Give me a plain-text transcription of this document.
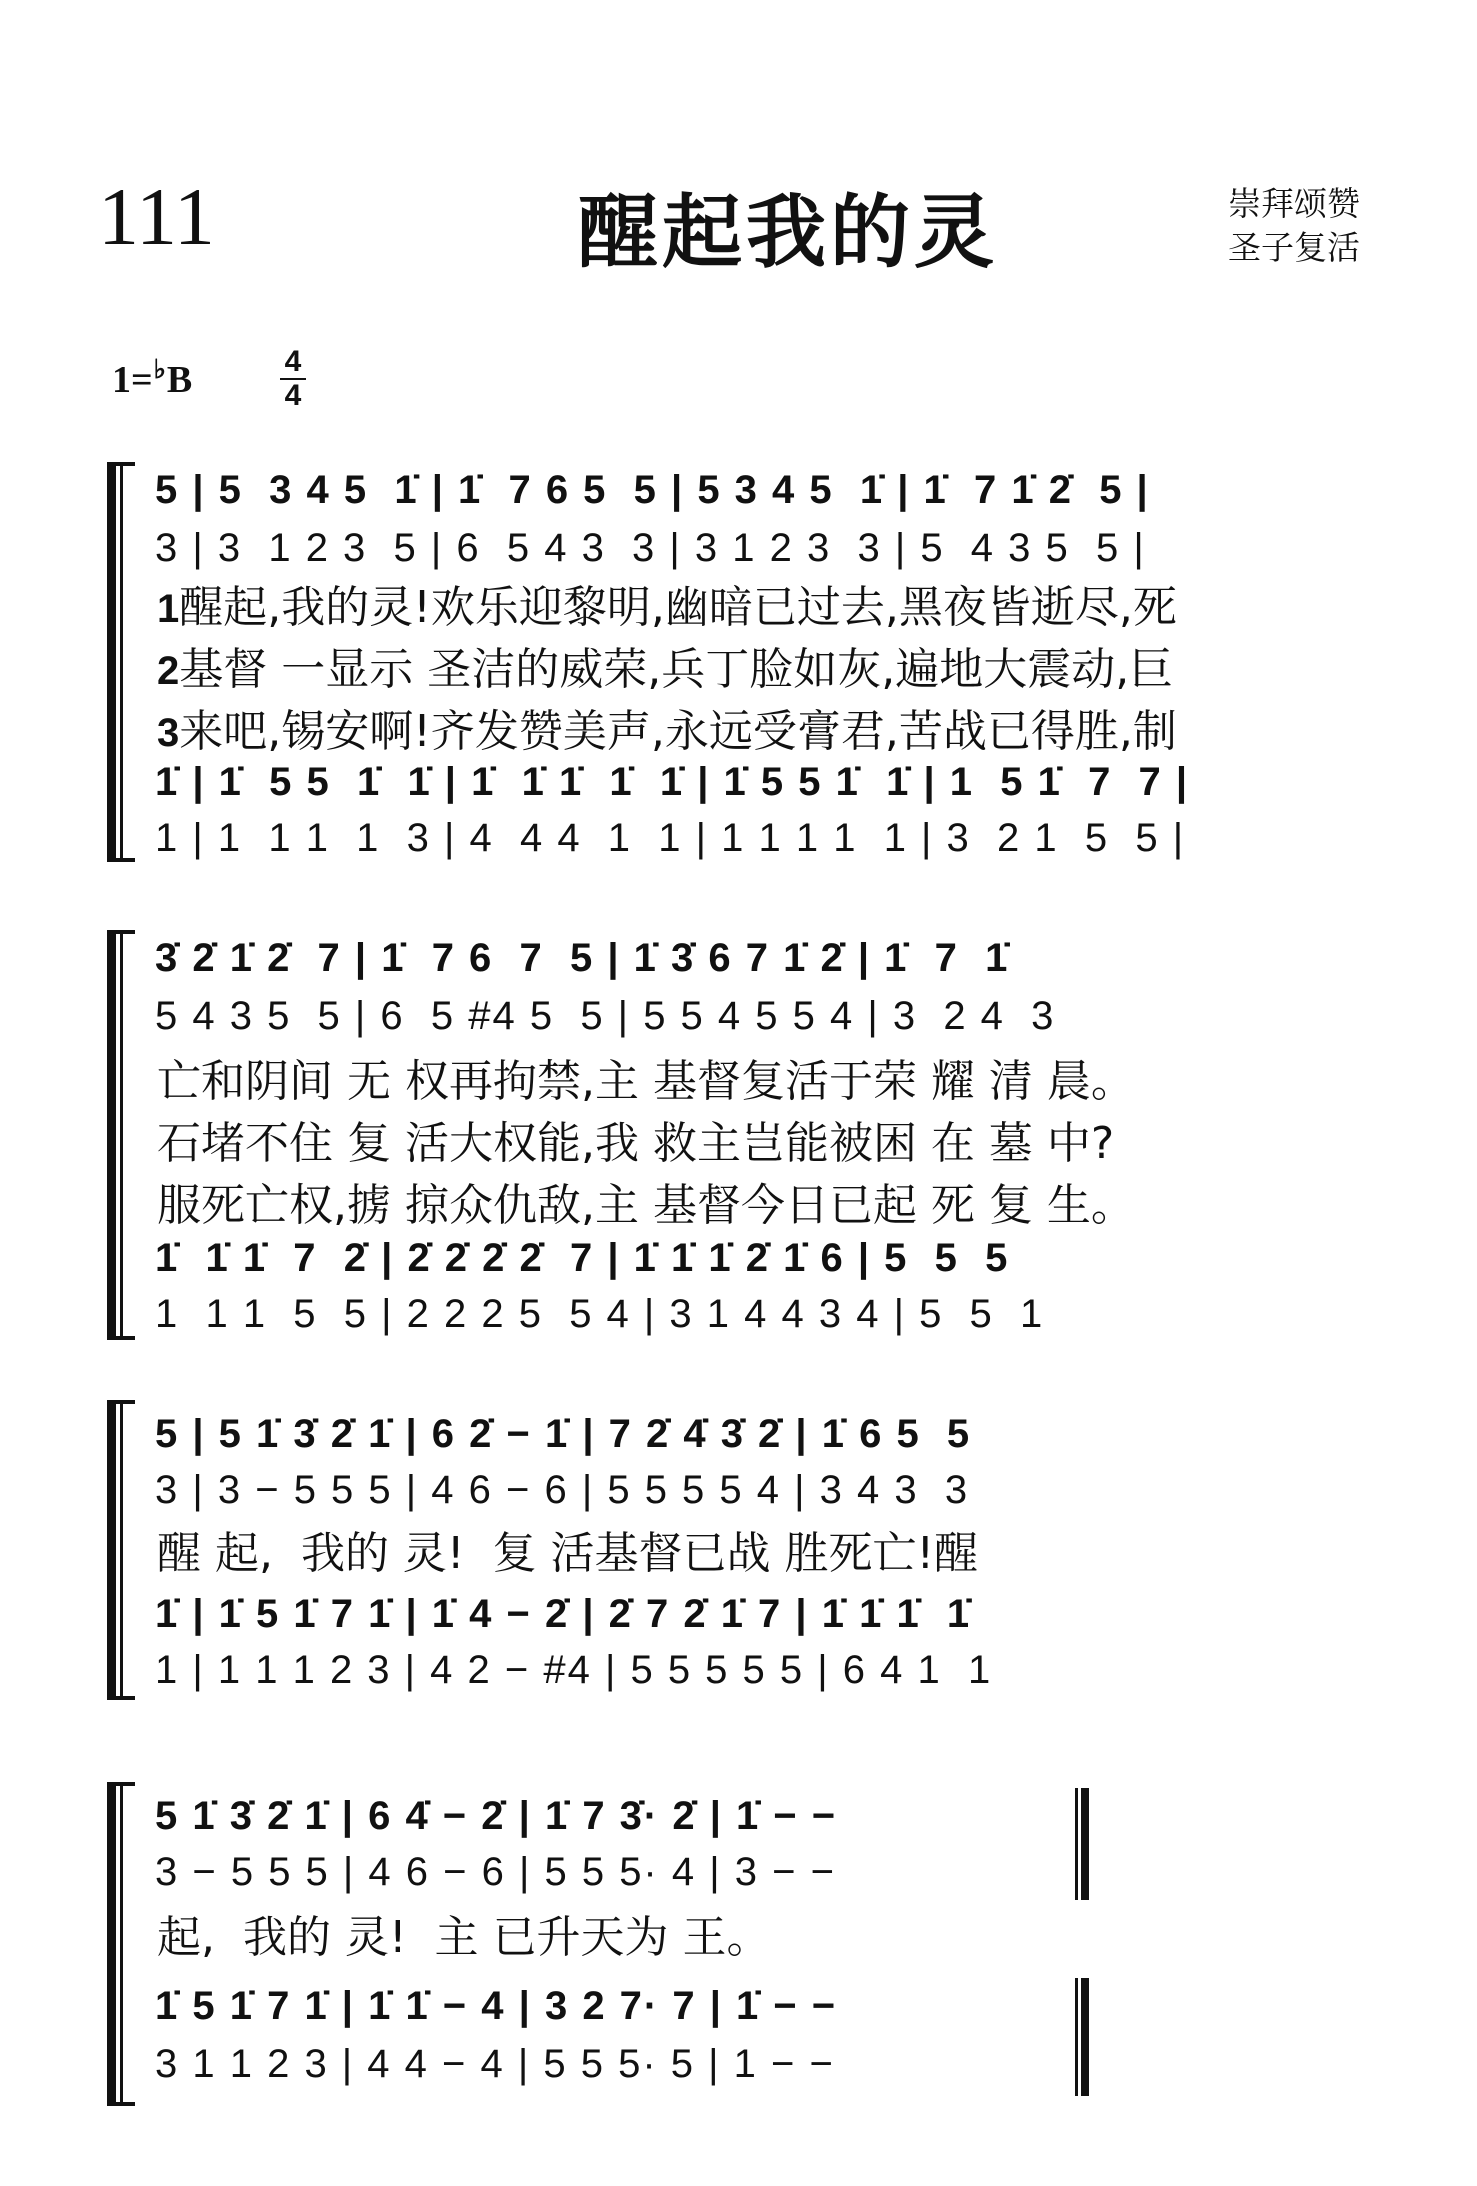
111	醒起我的灵	崇拜颂赞
圣子复活
1=♭B	4
4
5 | 5  3 4 5  1̇ | 1̇  7 6 5  5 | 5 3 4 5  1̇ | 1̇  7 1̇ 2̇  5 |
3 | 3  1 2 3  5 | 6  5 4 3  3 | 3 1 2 3  3 | 5  4 3 5  5 |
1醒起,我的灵!欢乐迎黎明,幽暗已过去,黑夜皆逝尽,死
2基督 一显示 圣洁的威荣,兵丁脸如灰,遍地大震动,巨
3来吧,锡安啊!齐发赞美声,永远受膏君,苦战已得胜,制
1̇ | 1̇  5 5  1̇  1̇ | 1̇  1̇ 1̇  1̇  1̇ | 1̇ 5 5 1̇  1̇ | 1  5 1̇  7  7 |
1 | 1  1 1  1  3 | 4  4 4  1  1 | 1 1 1 1  1 | 3  2 1  5  5 |
3̇ 2̇ 1̇ 2̇  7 | 1̇  7 6  7  5 | 1̇ 3̇ 6 7 1̇ 2̇ | 1̇  7  1̇
5 4 3 5  5 | 6  5 #4 5  5 | 5 5 4 5 5 4 | 3  2 4  3
亡和阴间 无 权再拘禁,主 基督复活于荣 耀 清 晨。
石堵不住 复 活大权能,我 救主岂能被困 在 墓 中?
服死亡权,掳 掠众仇敌,主 基督今日已起 死 复 生。
1̇  1̇ 1̇  7  2̇ | 2̇ 2̇ 2̇ 2̇  7 | 1̇ 1̇ 1̇ 2̇ 1̇ 6 | 5  5  5
1  1 1  5  5 | 2 2 2 5  5 4 | 3 1 4 4 3 4 | 5  5  1
5 | 5 1̇ 3̇ 2̇ 1̇ | 6 2̇ − 1̇ | 7 2̇ 4̇ 3̇ 2̇ | 1̇ 6 5  5
3 | 3 − 5 5 5 | 4 6 − 6 | 5 5 5 5 4 | 3 4 3  3
醒 起,  我的 灵!  复 活基督已战 胜死亡!醒
1̇ | 1̇ 5 1̇ 7 1̇ | 1̇ 4 − 2̇ | 2̇ 7 2̇ 1̇ 7 | 1̇ 1̇ 1̇  1̇
1 | 1 1 1 2 3 | 4 2 − #4 | 5 5 5 5 5 | 6 4 1  1
5 1̇ 3̇ 2̇ 1̇ | 6 4̇ − 2̇ | 1̇ 7 3̇· 2̇ | 1̇ − −
3 − 5 5 5 | 4 6 − 6 | 5 5 5· 4 | 3 − −
起,  我的 灵!  主 已升天为 王。
1̇ 5 1̇ 7 1̇ | 1̇ 1̇ − 4 | 3 2 7· 7 | 1̇ − −
3 1 1 2 3 | 4 4 − 4 | 5 5 5· 5 | 1 − −
